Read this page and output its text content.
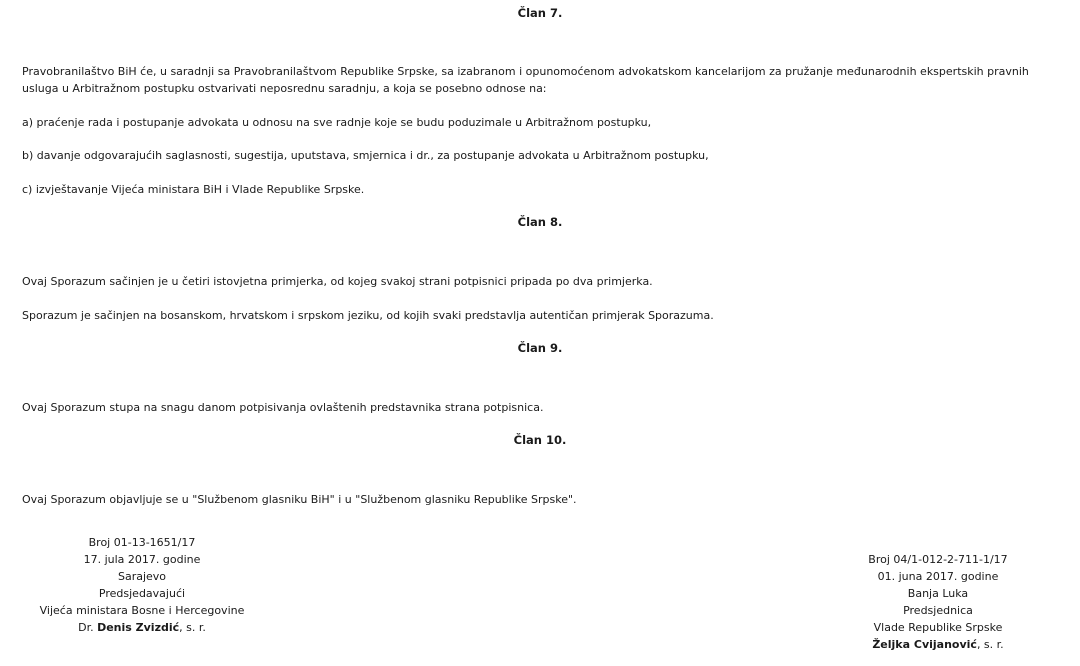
Član 7.

Pravobranilaštvo BiH će, u saradnji sa Pravobranilaštvom Republike Srpske, sa izabranom i opunomoćenom advokatskom kancelarijom za pružanje međunarodnih ekspertskih pravnih usluga u Arbitražnom postupku ostvarivati neposrednu saradnju, a koja se posebno odnose na:

a) praćenje rada i postupanje advokata u odnosu na sve radnje koje se budu poduzimale u Arbitražnom postupku,

b) davanje odgovarajućih saglasnosti, sugestija, uputstava, smjernica i dr., za postupanje advokata u Arbitražnom postupku,

c) izvještavanje Vijeća ministara BiH i Vlade Republike Srpske.

Član 8.

Ovaj Sporazum sačinjen je u četiri istovjetna primjerka, od kojeg svakoj strani potpisnici pripada po dva primjerka.

Sporazum je sačinjen na bosanskom, hrvatskom i srpskom jeziku, od kojih svaki predstavlja autentičan primjerak Sporazuma.

Član 9.

Ovaj Sporazum stupa na snagu danom potpisivanja ovlaštenih predstavnika strana potpisnica.

Član 10.

Ovaj Sporazum objavljuje se u "Službenom glasniku BiH" i u "Službenom glasniku Republike Srpske".

Broj 01-13-1651/17
17. jula 2017. godine
Sarajevo
Predsjedavajući
Vijeća ministara Bosne i Hercegovine
Dr. Denis Zvizdić, s. r.
Broj 04/1-012-2-711-1/17
01. juna 2017. godine
Banja Luka
Predsjednica
Vlade Republike Srpske
Željka Cvijanović, s. r.
